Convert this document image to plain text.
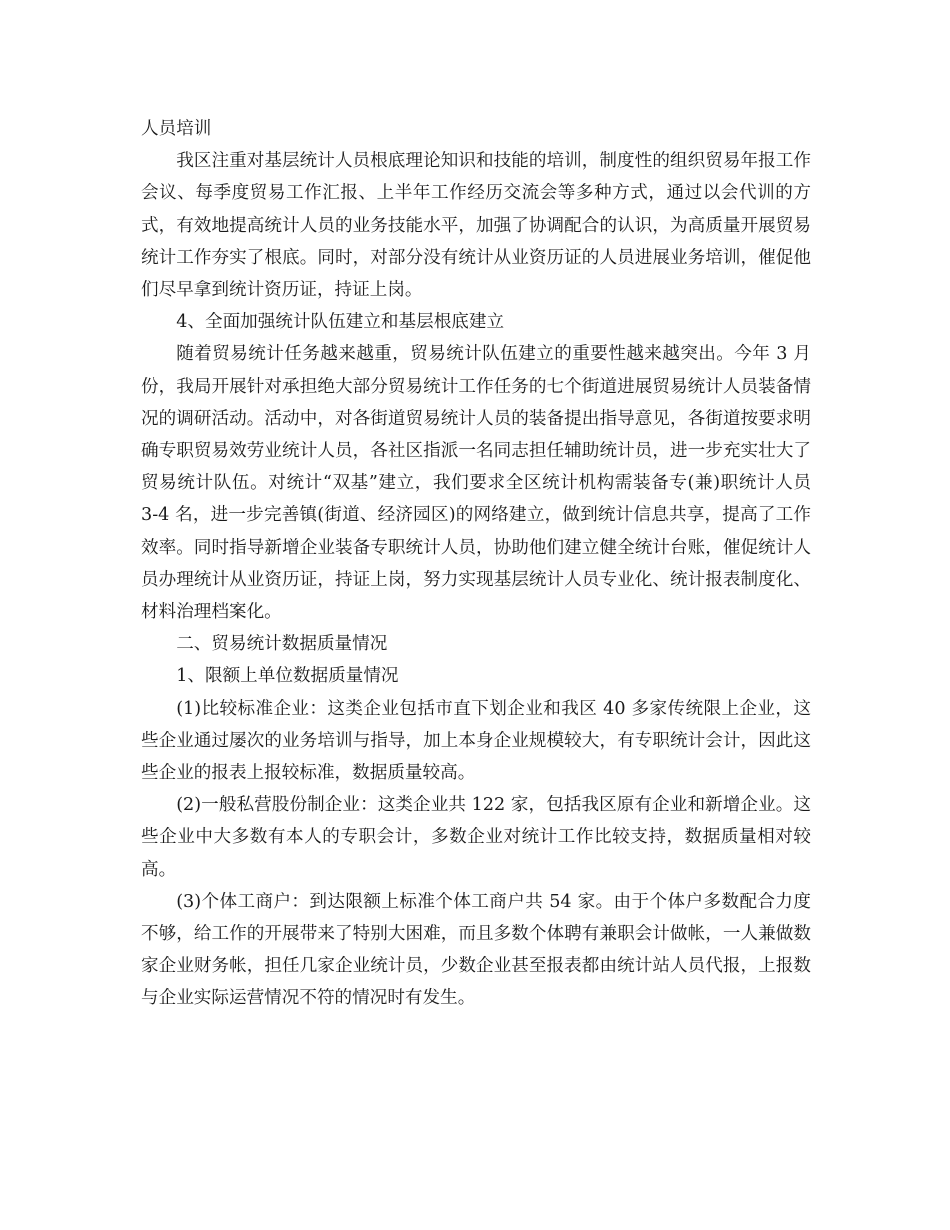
人员培训

我区注重对基层统计人员根底理论知识和技能的培训，制度性的组织贸易年报工作会议、每季度贸易工作汇报、上半年工作经历交流会等多种方式，通过以会代训的方式，有效地提高统计人员的业务技能水平，加强了协调配合的认识，为高质量开展贸易统计工作夯实了根底。同时，对部分没有统计从业资历证的人员进展业务培训，催促他们尽早拿到统计资历证，持证上岗。

4、全面加强统计队伍建立和基层根底建立

随着贸易统计任务越来越重，贸易统计队伍建立的重要性越来越突出。今年 3 月份，我局开展针对承担绝大部分贸易统计工作任务的七个街道进展贸易统计人员装备情况的调研活动。活动中，对各街道贸易统计人员的装备提出指导意见，各街道按要求明确专职贸易效劳业统计人员，各社区指派一名同志担任辅助统计员，进一步充实壮大了贸易统计队伍。对统计“双基”建立，我们要求全区统计机构需装备专(兼)职统计人员 3-4 名，进一步完善镇(街道、经济园区)的网络建立，做到统计信息共享，提高了工作效率。同时指导新增企业装备专职统计人员，协助他们建立健全统计台账，催促统计人员办理统计从业资历证，持证上岗，努力实现基层统计人员专业化、统计报表制度化、材料治理档案化。

二、贸易统计数据质量情况

1、限额上单位数据质量情况

(1)比较标准企业：这类企业包括市直下划企业和我区 40 多家传统限上企业，这些企业通过屡次的业务培训与指导，加上本身企业规模较大，有专职统计会计，因此这些企业的报表上报较标准，数据质量较高。

(2)一般私营股份制企业：这类企业共 122 家，包括我区原有企业和新增企业。这些企业中大多数有本人的专职会计，多数企业对统计工作比较支持，数据质量相对较高。

(3)个体工商户：到达限额上标准个体工商户共 54 家。由于个体户多数配合力度不够，给工作的开展带来了特别大困难，而且多数个体聘有兼职会计做帐，一人兼做数家企业财务帐，担任几家企业统计员，少数企业甚至报表都由统计站人员代报，上报数与企业实际运营情况不符的情况时有发生。
